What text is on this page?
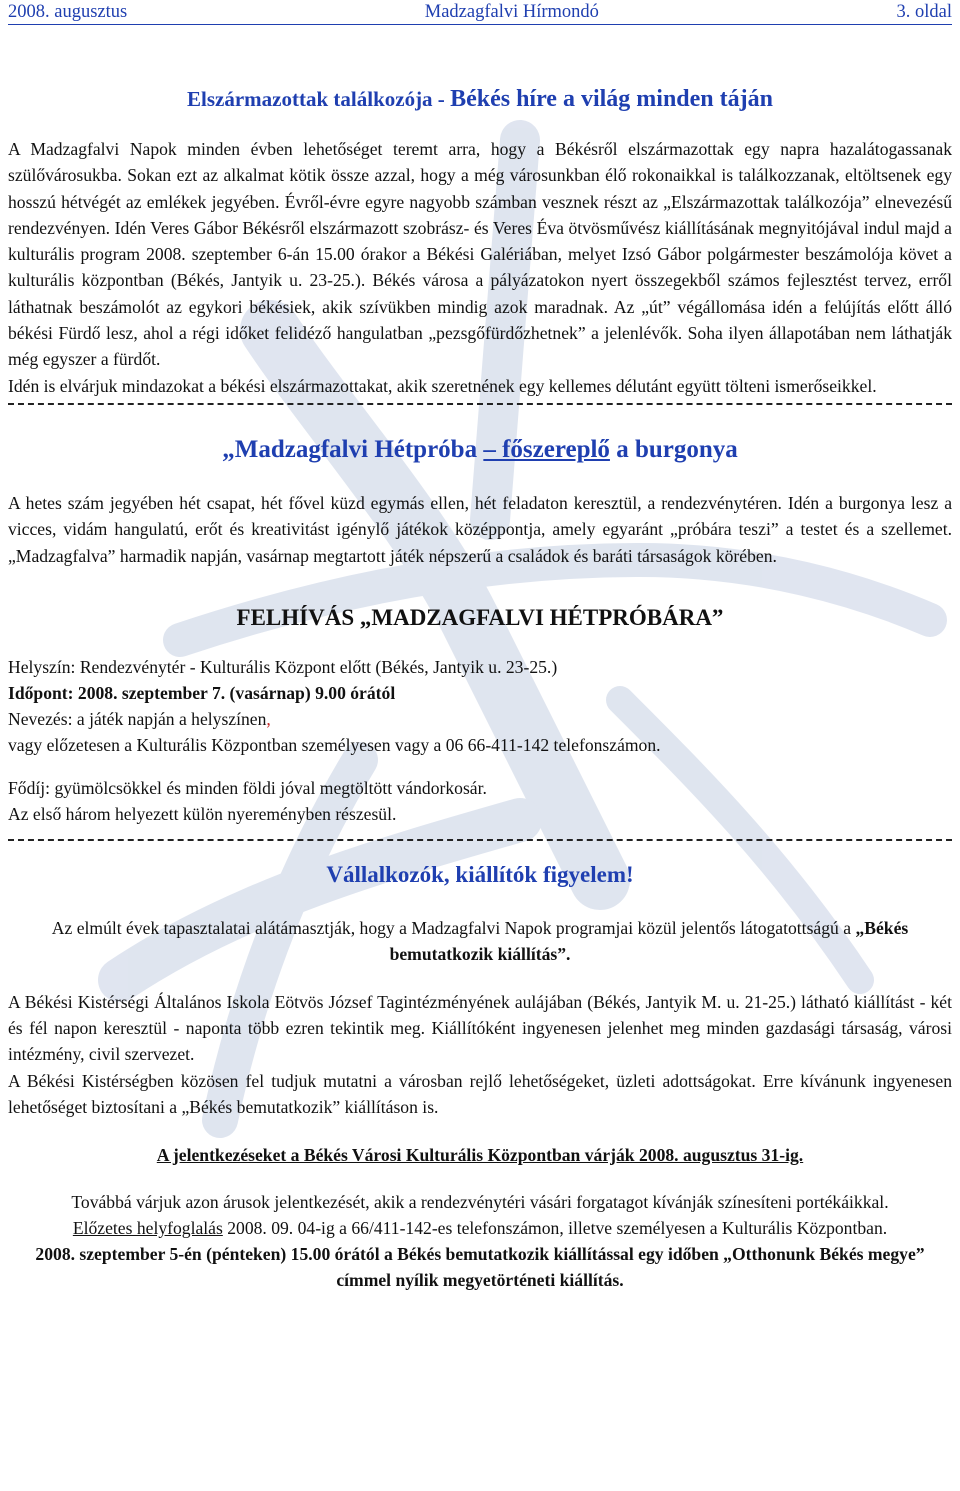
2008. augusztus	Madzagfalvi Hírmondó	3. oldal
Elszármazottak találkozója - Békés híre a világ minden táján

A Madzagfalvi Napok minden évben lehetőséget teremt arra, hogy a Békésről elszármazottak egy napra hazalátogassanak szülővárosukba. Sokan ezt az alkalmat kötik össze azzal, hogy a még városunkban élő rokonaikkal is találkozzanak, eltöltsenek egy hosszú hétvégét az emlékek jegyében. Évről-évre egyre nagyobb számban vesznek részt az „Elszármazottak találkozója” elnevezésű rendezvényen. Idén Veres Gábor Békésről elszármazott szobrász- és Veres Éva ötvösművész kiállításának megnyitójával indul majd a kulturális program 2008. szeptember 6-án 15.00 órakor a Békési Galériában, melyet Izsó Gábor polgármester beszámolója követ a kulturális központban (Békés, Jantyik u. 23-25.). Békés városa a pályázatokon nyert összegekből számos fejlesztést tervez, erről láthatnak beszámolót az egykori békésiek, akik szívükben mindig azok maradnak. Az „út” végállomása idén a felújítás előtt álló békési Fürdő lesz, ahol a régi időket felidéző hangulatban „pezsgőfürdőzhetnek” a jelenlévők. Soha ilyen állapotában nem láthatják még egyszer a fürdőt.

Idén is elvárjuk mindazokat a békési elszármazottakat, akik szeretnének egy kellemes délutánt együtt tölteni ismerőseikkel.

„Madzagfalvi Hétpróba – főszereplő a burgonya

A hetes szám jegyében hét csapat, hét fővel küzd egymás ellen, hét feladaton keresztül, a rendezvénytéren. Idén a burgonya lesz a vicces, vidám hangulatú, erőt és kreativitást igénylő játékok középpontja, amely egyaránt „próbára teszi” a testet és a szellemet. „Madzagfalva” harmadik napján, vasárnap megtartott játék népszerű a családok és baráti társaságok körében.

FELHÍVÁS „MADZAGFALVI HÉTPRÓBÁRA”
Helyszín: Rendezvénytér - Kulturális Központ előtt (Békés, Jantyik u. 23-25.)
Időpont: 2008. szeptember 7. (vasárnap) 9.00 órától
Nevezés: a játék napján a helyszínen,
vagy előzetesen a Kulturális Központban személyesen vagy a 06 66-411-142 telefonszámon.
Fődíj: gyümölcsökkel és minden földi jóval megtöltött vándorkosár.
Az első három helyezett külön nyereményben részesül.
Vállalkozók, kiállítók figyelem!

Az elmúlt évek tapasztalatai alátámasztják, hogy a Madzagfalvi Napok programjai közül jelentős látogatottságú a „Békés bemutatkozik kiállítás”.

A Békési Kistérségi Általános Iskola Eötvös József Tagintézményének aulájában (Békés, Jantyik M. u. 21-25.) látható kiállítást - két és fél napon keresztül - naponta több ezren tekintik meg. Kiállítóként ingyenesen jelenhet meg minden gazdasági társaság, városi intézmény, civil szervezet.

A Békési Kistérségben közösen fel tudjuk mutatni a városban rejlő lehetőségeket, üzleti adottságokat. Erre kívánunk ingyenesen lehetőséget biztosítani a „Békés bemutatkozik” kiállításon is.

A jelentkezéseket a Békés Városi Kulturális Központban várják 2008. augusztus 31-ig.

Továbbá várjuk azon árusok jelentkezését, akik a rendezvénytéri vásári forgatagot kívánják színesíteni portékáikkal.

Előzetes helyfoglalás 2008. 09. 04-ig a 66/411-142-es telefonszámon, illetve személyesen a Kulturális Központban.

2008. szeptember 5-én (pénteken) 15.00 órától a Békés bemutatkozik kiállítással egy időben „Otthonunk Békés megye” címmel nyílik megyetörténeti kiállítás.
